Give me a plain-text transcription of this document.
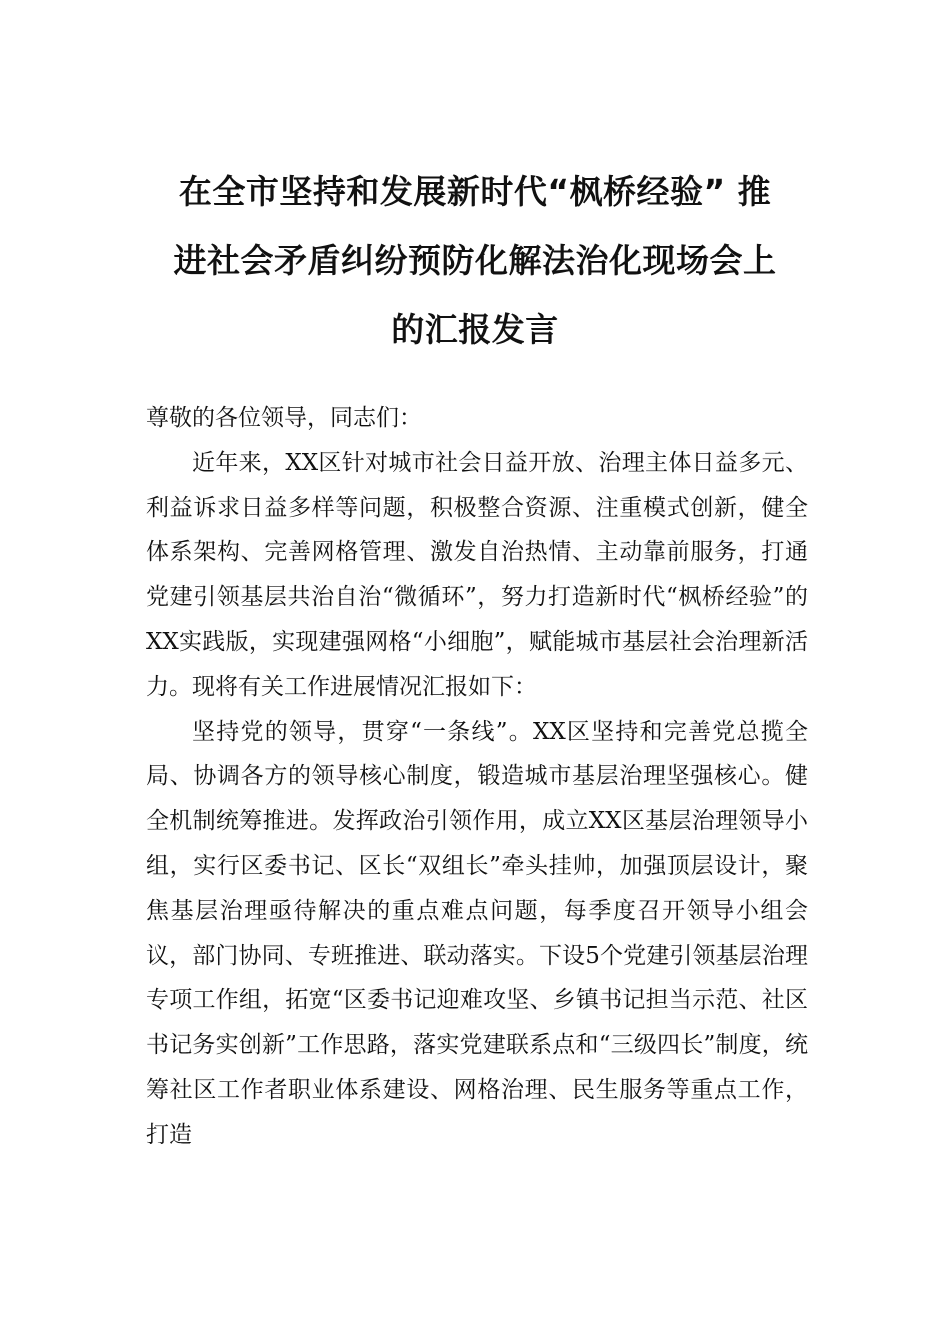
在全市坚持和发展新时代“枫桥经验” 推
进社会矛盾纠纷预防化解法治化现场会上
的汇报发言

尊敬的各位领导，同志们：

近年来，XX区针对城市社会日益开放、治理主体日益多元、利益诉求日益多样等问题，积极整合资源、注重模式创新，健全体系架构、完善网格管理、激发自治热情、主动靠前服务，打通党建引领基层共治自治“微循环”，努力打造新时代“枫桥经验”的XX实践版，实现建强网格“小细胞”，赋能城市基层社会治理新活力。现将有关工作进展情况汇报如下：

坚持党的领导，贯穿“一条线”。XX区坚持和完善党总揽全局、协调各方的领导核心制度，锻造城市基层治理坚强核心。健全机制统筹推进。发挥政治引领作用，成立XX区基层治理领导小组，实行区委书记、区长“双组长”牵头挂帅，加强顶层设计，聚焦基层治理亟待解决的重点难点问题，每季度召开领导小组会议，部门协同、专班推进、联动落实。下设5个党建引领基层治理专项工作组，拓宽“区委书记迎难攻坚、乡镇书记担当示范、社区书记务实创新”工作思路，落实党建联系点和“三级四长”制度，统筹社区工作者职业体系建设、网格治理、民生服务等重点工作，打造
